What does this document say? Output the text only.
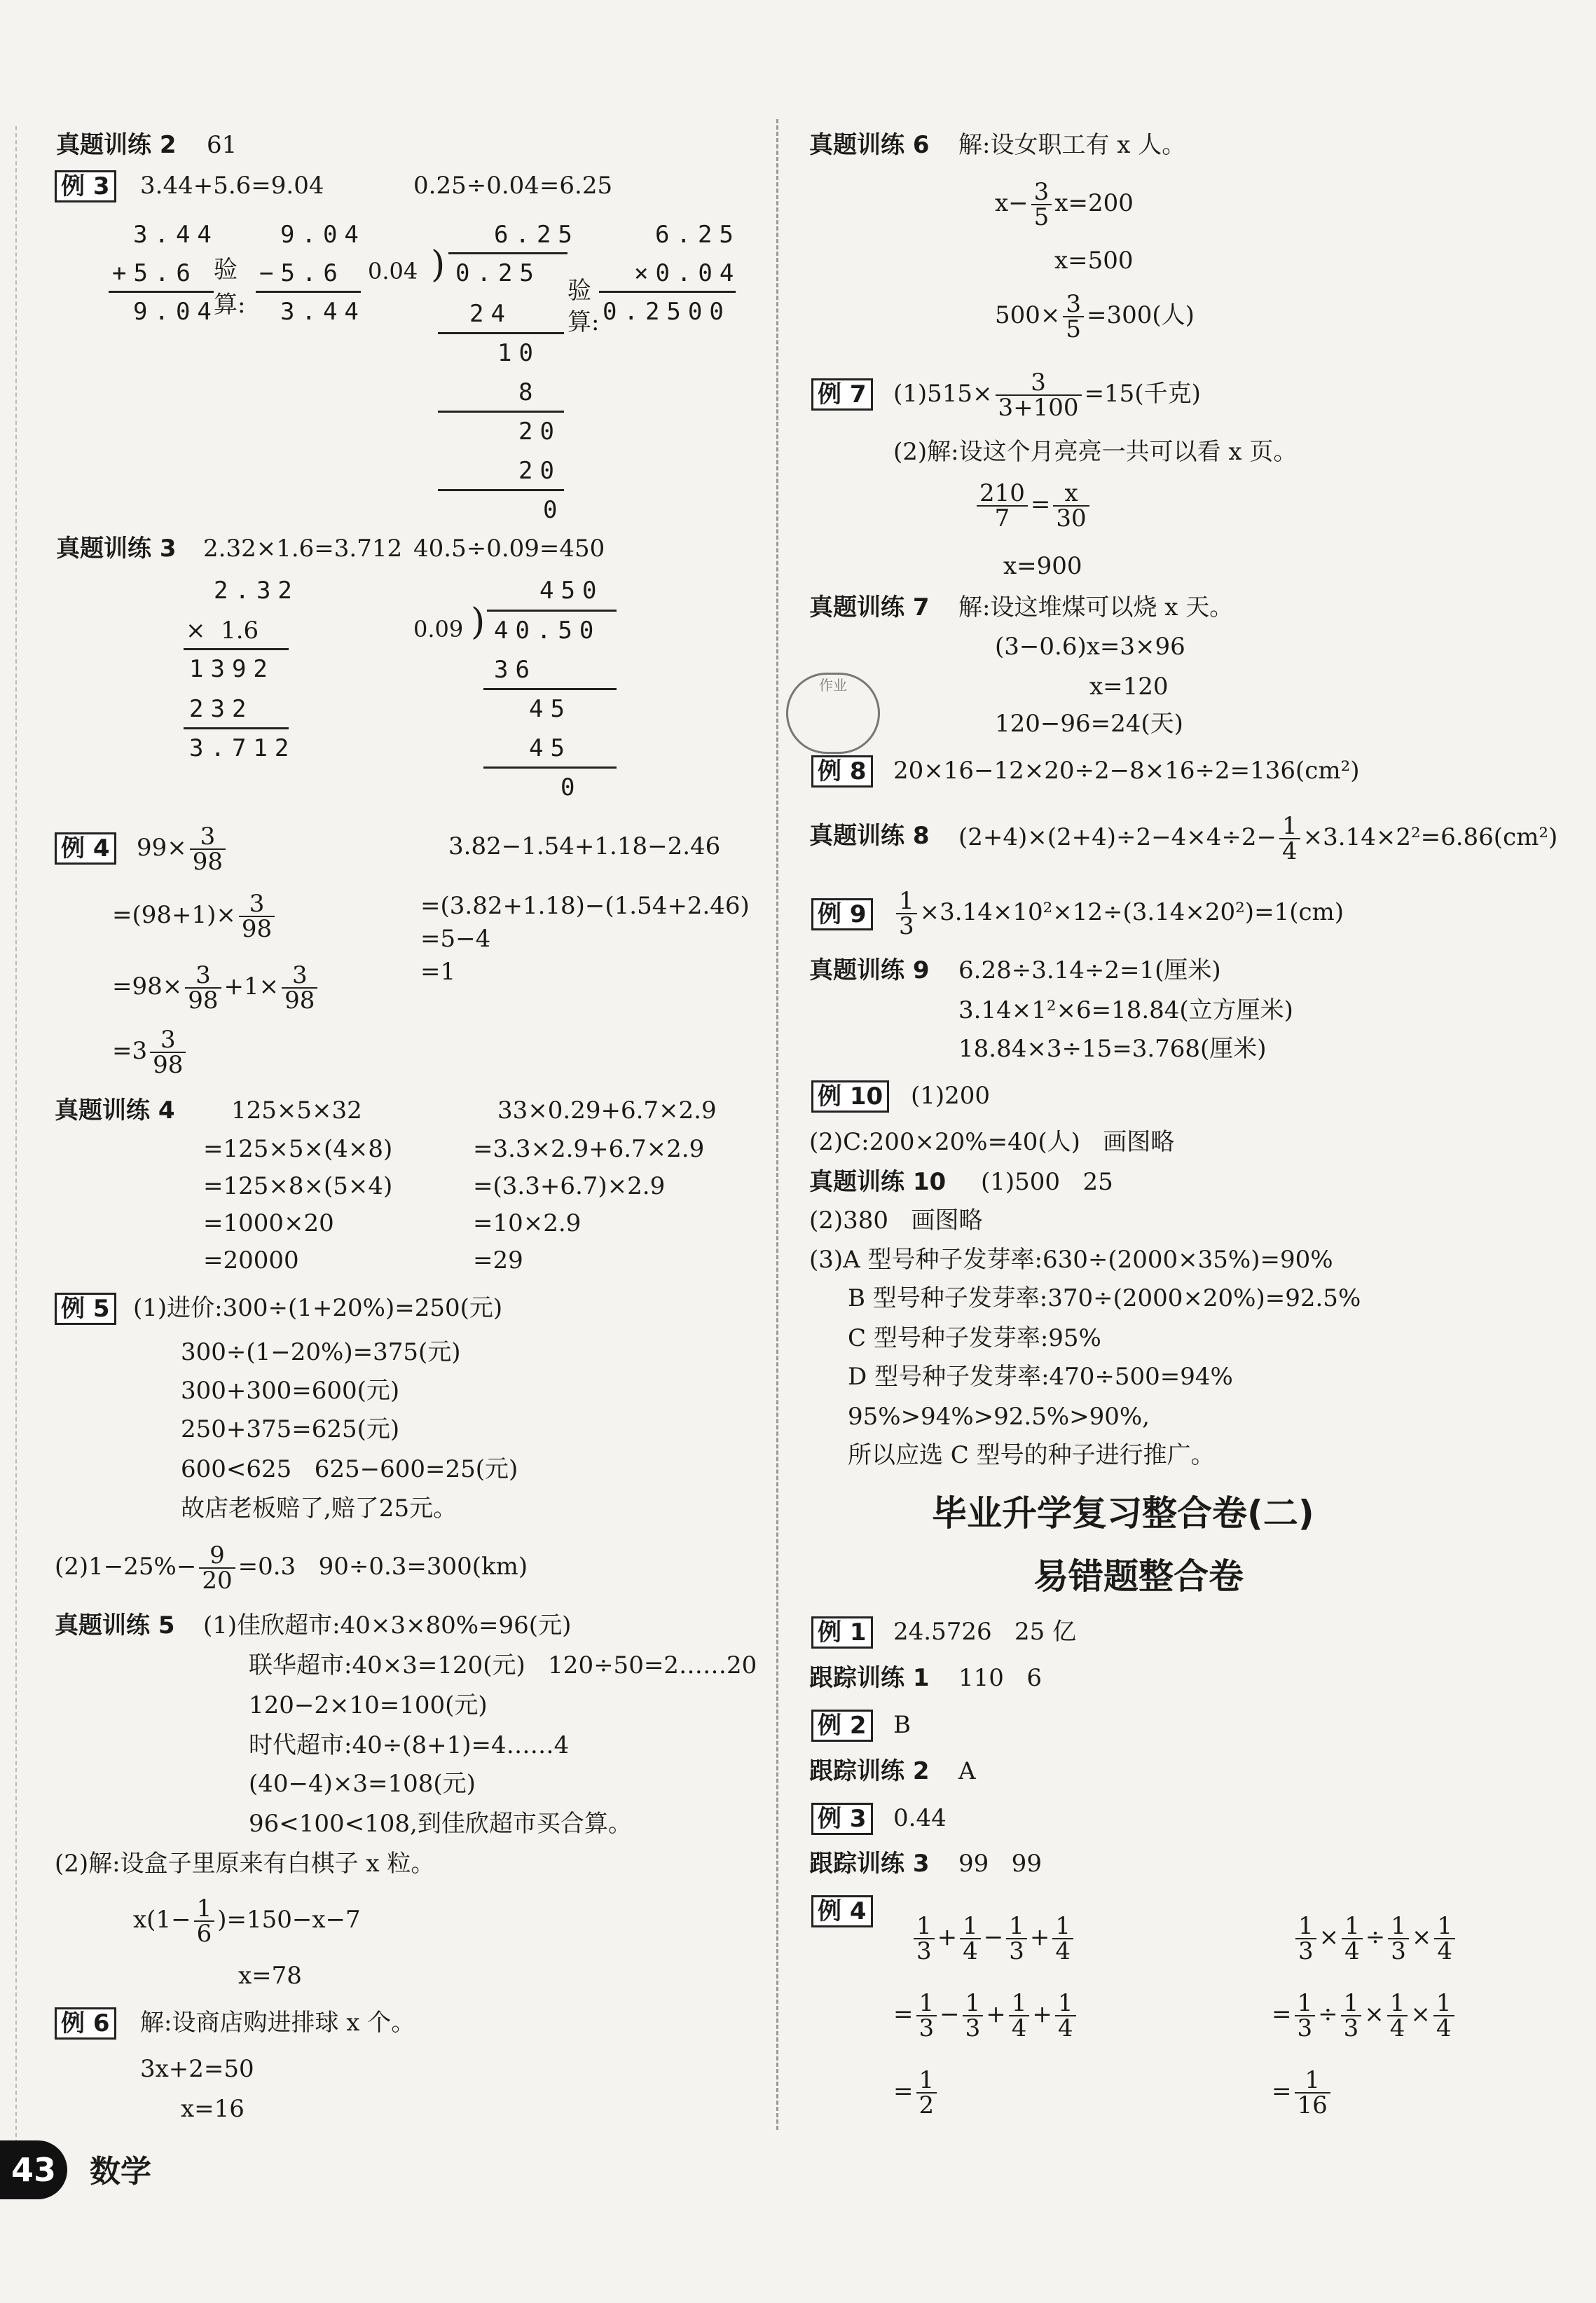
真题训练 2 61
例 3 3.44+5.6=9.04	0.25÷0.04=6.25
3.44
+5.6
9.04
验
算:
9.04
−5.6
3.44
6.25
0.04 ) 0.25
24
10
8
20
20
0
验
算:
6.25
×0.04
0.2500
真题训练 3 2.32×1.6=3.712 40.5÷0.09=450
2.32
×  1.6
1392
232
3.712
450
0.09 ) 40.50
36
45
45
0
例 4 $99\times \frac{3}{98}$	3.82−1.54+1.18−2.46
$=(98+1)\times \frac{3}{98}$	=(3.82+1.18)−(1.54+2.46)
=5−4
=1
$=98\times \frac{3}{98} +1\times \frac{3}{98}$
$=3 \frac{3}{98}$
真题训练 4 125×5×32
=125×5×(4×8)
=125×8×(5×4)
=1000×20
=20000
33×0.29+6.7×2.9
=3.3×2.9+6.7×2.9
=(3.3+6.7)×2.9
=10×2.9
=29
例 5 (1)进价:300÷(1+20%)=250(元)
300÷(1−20%)=375(元)
300+300=600(元)
250+375=625(元)
600<625   625−600=25(元)
故店老板赔了,赔了25元。
$(2)1-25\%- \frac{9}{20} =0.3$   90÷0.3=300(km)
真题训练 5 (1)佳欣超市:40×3×80%=96(元)
联华超市:40×3=120(元)   120÷50=2……20
120−2×10=100(元)
时代超市:40÷(8+1)=4……4
(40−4)×3=108(元)
96<100<108,到佳欣超市买合算。
(2)解:设盒子里原来有白棋子 x 粒。
$x(1- \frac{1}{6} )=150-x-7$
x=78
例 6 解:设商店购进排球 x 个。
3x+2=50
x=16
真题训练 6 解:设女职工有 x 人。
$x- \frac{3}{5} x=200$
x=500
$500\times \frac{3}{5} =300$(人)
例 7 $(1)515\times \frac{3}{3+100} =15$(千克)
(2)解:设这个月亮亮一共可以看 x 页。
$\frac{210}{7} = \frac{x}{30}$
x=900
真题训练 7 解:设这堆煤可以烧 x 天。
(3−0.6)x=3×96
x=120
120−96=24(天)
作业
例 8 20×16−12×20÷2−8×16÷2=136(cm²)
真题训练 8 $(2+4)\times(2+4)\div 2-4\times 4\div 2- \frac{1}{4} \times 3.14\times 2^2=6.86(cm^2)$
例 $9 \frac{1}{3} \times 3.14\times 10^2\times 12\div(3.14\times 20^2)=1(cm)$
真题训练 9 6.28÷3.14÷2=1(厘米)
3.14×1²×6=18.84(立方厘米)
18.84×3÷15=3.768(厘米)
例 10 (1)200
(2)C:200×20%=40(人)   画图略
真题训练 10 (1)500   25
(2)380   画图略
(3)A 型号种子发芽率:630÷(2000×35%)=90%
B 型号种子发芽率:370÷(2000×20%)=92.5%
C 型号种子发芽率:95%
D 型号种子发芽率:470÷500=94%
95%>94%>92.5%>90%,
所以应选 C 型号的种子进行推广。
毕业升学复习整合卷(二)
易错题整合卷
例 1 24.5726   25 亿
跟踪训练 1 110   6
例 2 B
跟踪训练 2 A
例 3 0.44
跟踪训练 3 99   99
例 4
$\frac{1}{3} + \frac{1}{4} - \frac{1}{3} + \frac{1}{4}$
= $\frac{1}{3} - \frac{1}{3} + \frac{1}{4} + \frac{1}{4}$
= $\frac{1}{2}$
$\frac{1}{3} \times \frac{1}{4} \div \frac{1}{3} \times \frac{1}{4}$
= $\frac{1}{3} \div \frac{1}{3} \times \frac{1}{4} \times \frac{1}{4}$
= $\frac{1}{16}$
43	数学
